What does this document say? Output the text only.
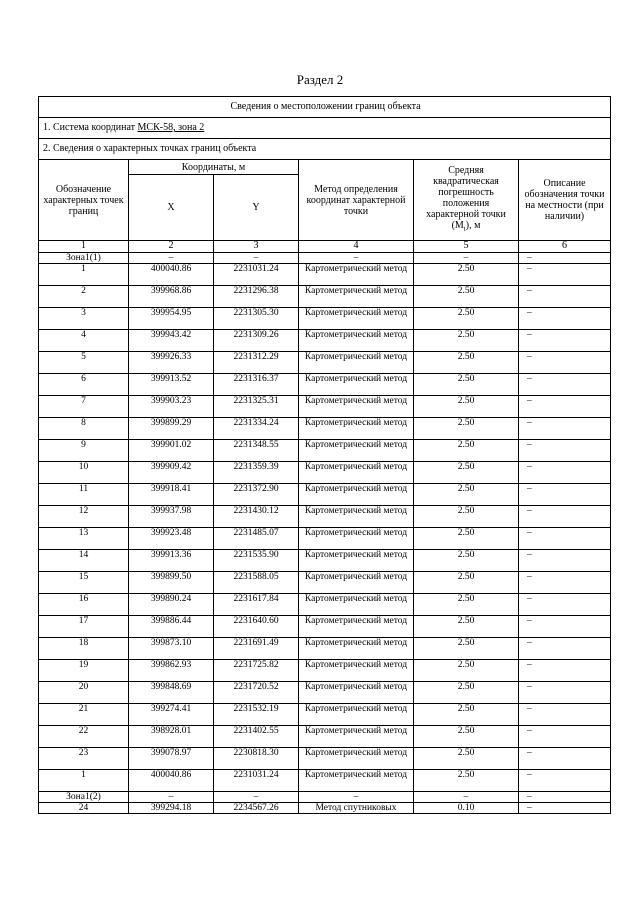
Раздел 2
Сведения о местоположении границ объекта					
1. Система координат МСК-58, зона 2					
2. Сведения о характерных точках границ объекта					
Обозначение характерных точек границ	Координаты, м		Метод определения координат характерной точки	Средняя квадратическая погрешность положения характерной точки $(M_t)$, м	Описание обозначения точки на местности (при наличии)
	X	Y			
1	2	3	4	5	6
Зона1(1)	–	–	–	–	–
1	400040.86	2231031.24	Картометрический метод	2.50	–
2	399968.86	2231296.38	Картометрический метод	2.50	–
3	399954.95	2231305.30	Картометрический метод	2.50	–
4	399943.42	2231309.26	Картометрический метод	2.50	–
5	399926.33	2231312.29	Картометрический метод	2.50	–
6	399913.52	2231316.37	Картометрический метод	2.50	–
7	399903.23	2231325.31	Картометрический метод	2.50	–
8	399899.29	2231334.24	Картометрический метод	2.50	–
9	399901.02	2231348.55	Картометрический метод	2.50	–
10	399909.42	2231359.39	Картометрический метод	2.50	–
11	399918.41	2231372.90	Картометрический метод	2.50	–
12	399937.98	2231430.12	Картометрический метод	2.50	–
13	399923.48	2231485.07	Картометрический метод	2.50	–
14	399913.36	2231535.90	Картометрический метод	2.50	–
15	399899.50	2231588.05	Картометрический метод	2.50	–
16	399890.24	2231617.84	Картометрический метод	2.50	–
17	399886.44	2231640.60	Картометрический метод	2.50	–
18	399873.10	2231691.49	Картометрический метод	2.50	–
19	399862.93	2231725.82	Картометрический метод	2.50	–
20	399848.69	2231720.52	Картометрический метод	2.50	–
21	399274.41	2231532.19	Картометрический метод	2.50	–
22	398928.01	2231402.55	Картометрический метод	2.50	–
23	399078.97	2230818.30	Картометрический метод	2.50	–
1	400040.86	2231031.24	Картометрический метод	2.50	–
Зона1(2)	–	–	–	–	–
24	399294.18	2234567.26	Метод спутниковых	0.10	–
